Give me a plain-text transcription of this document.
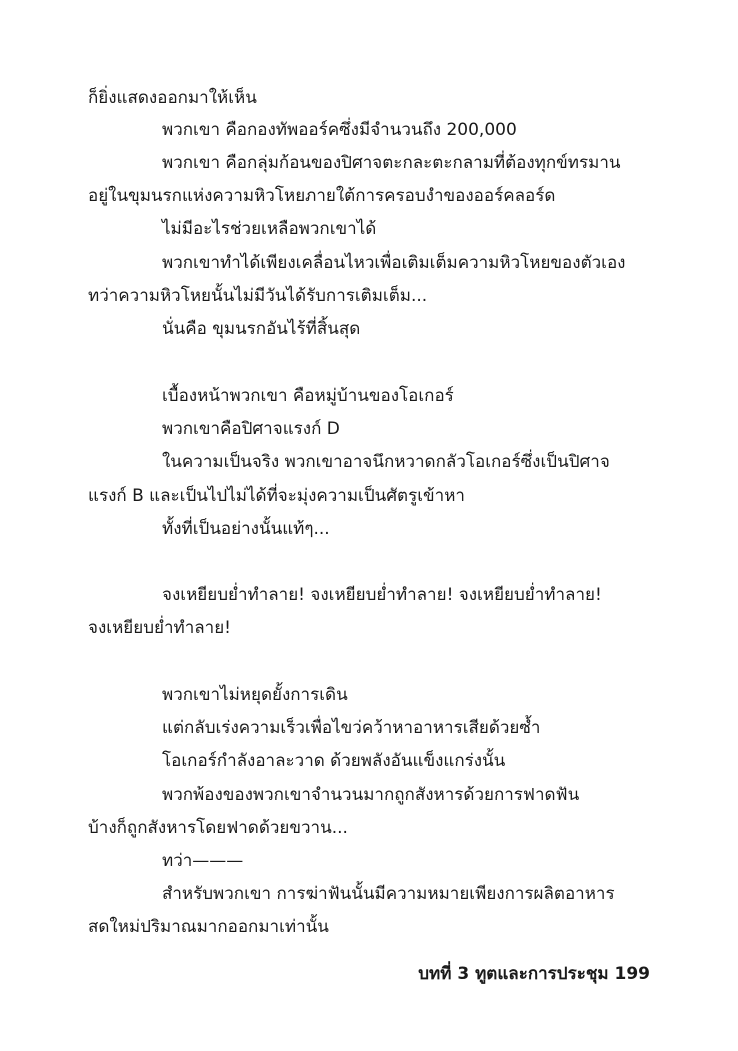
ก็ยิ่งแสดงออกมาให้เห็น
พวกเขา คือกองทัพออร์คซึ่งมีจำนวนถึง 200,000
พวกเขา คือกลุ่มก้อนของปิศาจตะกละตะกลามที่ต้องทุกข์ทรมาน
อยู่ในขุมนรกแห่งความหิวโหยภายใต้การครอบงำของออร์คลอร์ด
ไม่มีอะไรช่วยเหลือพวกเขาได้
พวกเขาทำได้เพียงเคลื่อนไหวเพื่อเติมเต็มความหิวโหยของตัวเอง
ทว่าความหิวโหยนั้นไม่มีวันได้รับการเติมเต็ม...
นั่นคือ ขุมนรกอันไร้ที่สิ้นสุด
เบื้องหน้าพวกเขา คือหมู่บ้านของโอเกอร์
พวกเขาคือปิศาจแรงก์ D
ในความเป็นจริง พวกเขาอาจนึกหวาดกลัวโอเกอร์ซึ่งเป็นปิศาจ
แรงก์ B และเป็นไปไม่ได้ที่จะมุ่งความเป็นศัตรูเข้าหา
ทั้งที่เป็นอย่างนั้นแท้ๆ...
จงเหยียบย่ำทำลาย! จงเหยียบย่ำทำลาย! จงเหยียบย่ำทำลาย!
จงเหยียบย่ำทำลาย!
พวกเขาไม่หยุดยั้งการเดิน
แต่กลับเร่งความเร็วเพื่อไขว่คว้าหาอาหารเสียด้วยซ้ำ
โอเกอร์กำลังอาละวาด ด้วยพลังอันแข็งแกร่งนั้น
พวกพ้องของพวกเขาจำนวนมากถูกสังหารด้วยการฟาดฟัน
บ้างก็ถูกสังหารโดยฟาดด้วยขวาน...
ทว่า———
สำหรับพวกเขา การฆ่าฟันนั้นมีความหมายเพียงการผลิตอาหาร
สดใหม่ปริมาณมากออกมาเท่านั้น
บทที่ 3 ทูตและการประชุม 199
